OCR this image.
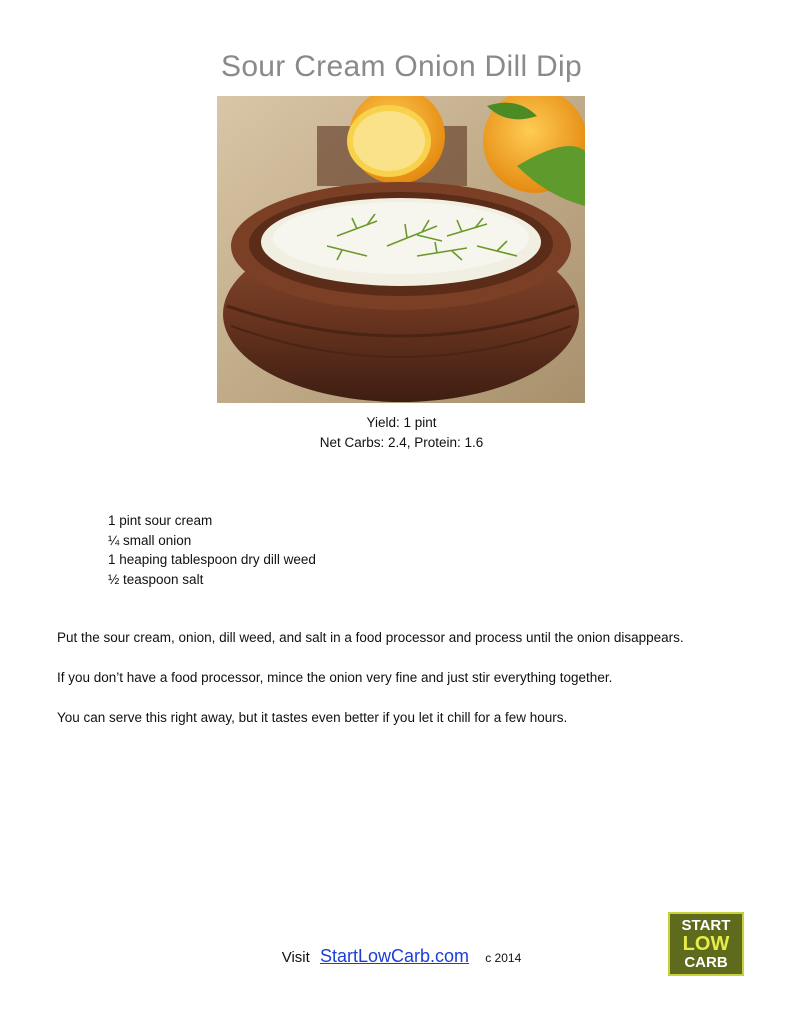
Sour Cream Onion Dill Dip
Yield: 1 pint
Net Carbs: 2.4, Protein: 1.6
1 pint sour cream
¼ small onion
1 heaping tablespoon dry dill weed
½ teaspoon salt

Put the sour cream, onion, dill weed, and salt in a food processor and process until the onion disappears.

If you don’t have a food processor, mince the onion very fine and just stir everything together.

You can serve this right away, but it tastes even better if you let it chill for a few hours.

Visit StartLowCarb.com c 2014
START
LOW
CARB
